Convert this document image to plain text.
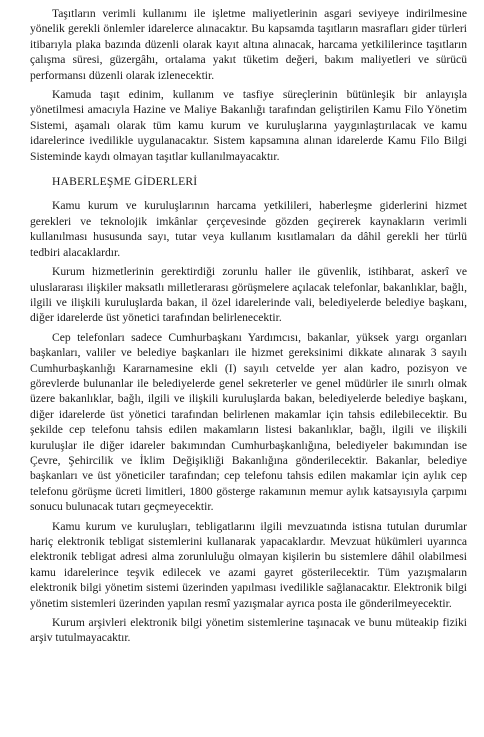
Taşıtların verimli kullanımı ile işletme maliyetlerinin asgari seviyeye indirilmesine yönelik gerekli önlemler idarelerce alınacaktır. Bu kapsamda taşıtların masrafları gider türleri itibarıyla plaka bazında düzenli olarak kayıt altına alınacak, harcama yetkililerince taşıtların çalışma süresi, güzergâhı, ortalama yakıt tüketim değeri, bakım maliyetleri ve sürücü performansı düzenli olarak izlenecektir.

Kamuda taşıt edinim, kullanım ve tasfiye süreçlerinin bütünleşik bir anlayışla yönetilmesi amacıyla Hazine ve Maliye Bakanlığı tarafından geliştirilen Kamu Filo Yönetim Sistemi, aşamalı olarak tüm kamu kurum ve kuruluşlarına yaygınlaştırılacak ve kamu idarelerince ivedilikle uygulanacaktır. Sistem kapsamına alınan idarelerde Kamu Filo Bilgi Sisteminde kaydı olmayan taşıtlar kullanılmayacaktır.

HABERLEŞME GİDERLERİ

Kamu kurum ve kuruluşlarının harcama yetkilileri, haberleşme giderlerini hizmet gerekleri ve teknolojik imkânlar çerçevesinde gözden geçirerek kaynakların verimli kullanılması hususunda sayı, tutar veya kullanım kısıtlamaları da dâhil gerekli her türlü tedbiri alacaklardır.

Kurum hizmetlerinin gerektirdiği zorunlu haller ile güvenlik, istihbarat, askerî ve uluslararası ilişkiler maksatlı milletlerarası görüşmelere açılacak telefonlar, bakanlıklar, bağlı, ilgili ve ilişkili kuruluşlarda bakan, il özel idarelerinde vali, belediyelerde belediye başkanı, diğer idarelerde üst yönetici tarafından belirlenecektir.

Cep telefonları sadece Cumhurbaşkanı Yardımcısı, bakanlar, yüksek yargı organları başkanları, valiler ve belediye başkanları ile hizmet gereksinimi dikkate alınarak 3 sayılı Cumhurbaşkanlığı Kararnamesine ekli (I) sayılı cetvelde yer alan kadro, pozisyon ve görevlerde bulunanlar ile belediyelerde genel sekreterler ve genel müdürler ile sınırlı olmak üzere bakanlıklar, bağlı, ilgili ve ilişkili kuruluşlarda bakan, belediyelerde belediye başkanı, diğer idarelerde üst yönetici tarafından belirlenen makamlar için tahsis edilebilecektir. Bu şekilde cep telefonu tahsis edilen makamların listesi bakanlıklar, bağlı, ilgili ve ilişkili kuruluşlar ile diğer idareler bakımından Cumhurbaşkanlığına, belediyeler bakımından ise Çevre, Şehircilik ve İklim Değişikliği Bakanlığına gönderilecektir. Bakanlar, belediye başkanları ve üst yöneticiler tarafından; cep telefonu tahsis edilen makamlar için aylık cep telefonu görüşme ücreti limitleri, 1800 gösterge rakamının memur aylık katsayısıyla çarpımı sonucu bulunacak tutarı geçmeyecektir.

Kamu kurum ve kuruluşları, tebligatlarını ilgili mevzuatında istisna tutulan durumlar hariç elektronik tebligat sistemlerini kullanarak yapacaklardır. Mevzuat hükümleri uyarınca elektronik tebligat adresi alma zorunluluğu olmayan kişilerin bu sistemlere dâhil olabilmesi kamu idarelerince teşvik edilecek ve azami gayret gösterilecektir. Tüm yazışmaların elektronik bilgi yönetim sistemi üzerinden yapılması ivedilikle sağlanacaktır. Elektronik bilgi yönetim sistemleri üzerinden yapılan resmî yazışmalar ayrıca posta ile gönderilmeyecektir.

Kurum arşivleri elektronik bilgi yönetim sistemlerine taşınacak ve bunu müteakip fiziki arşiv tutulmayacaktır.
